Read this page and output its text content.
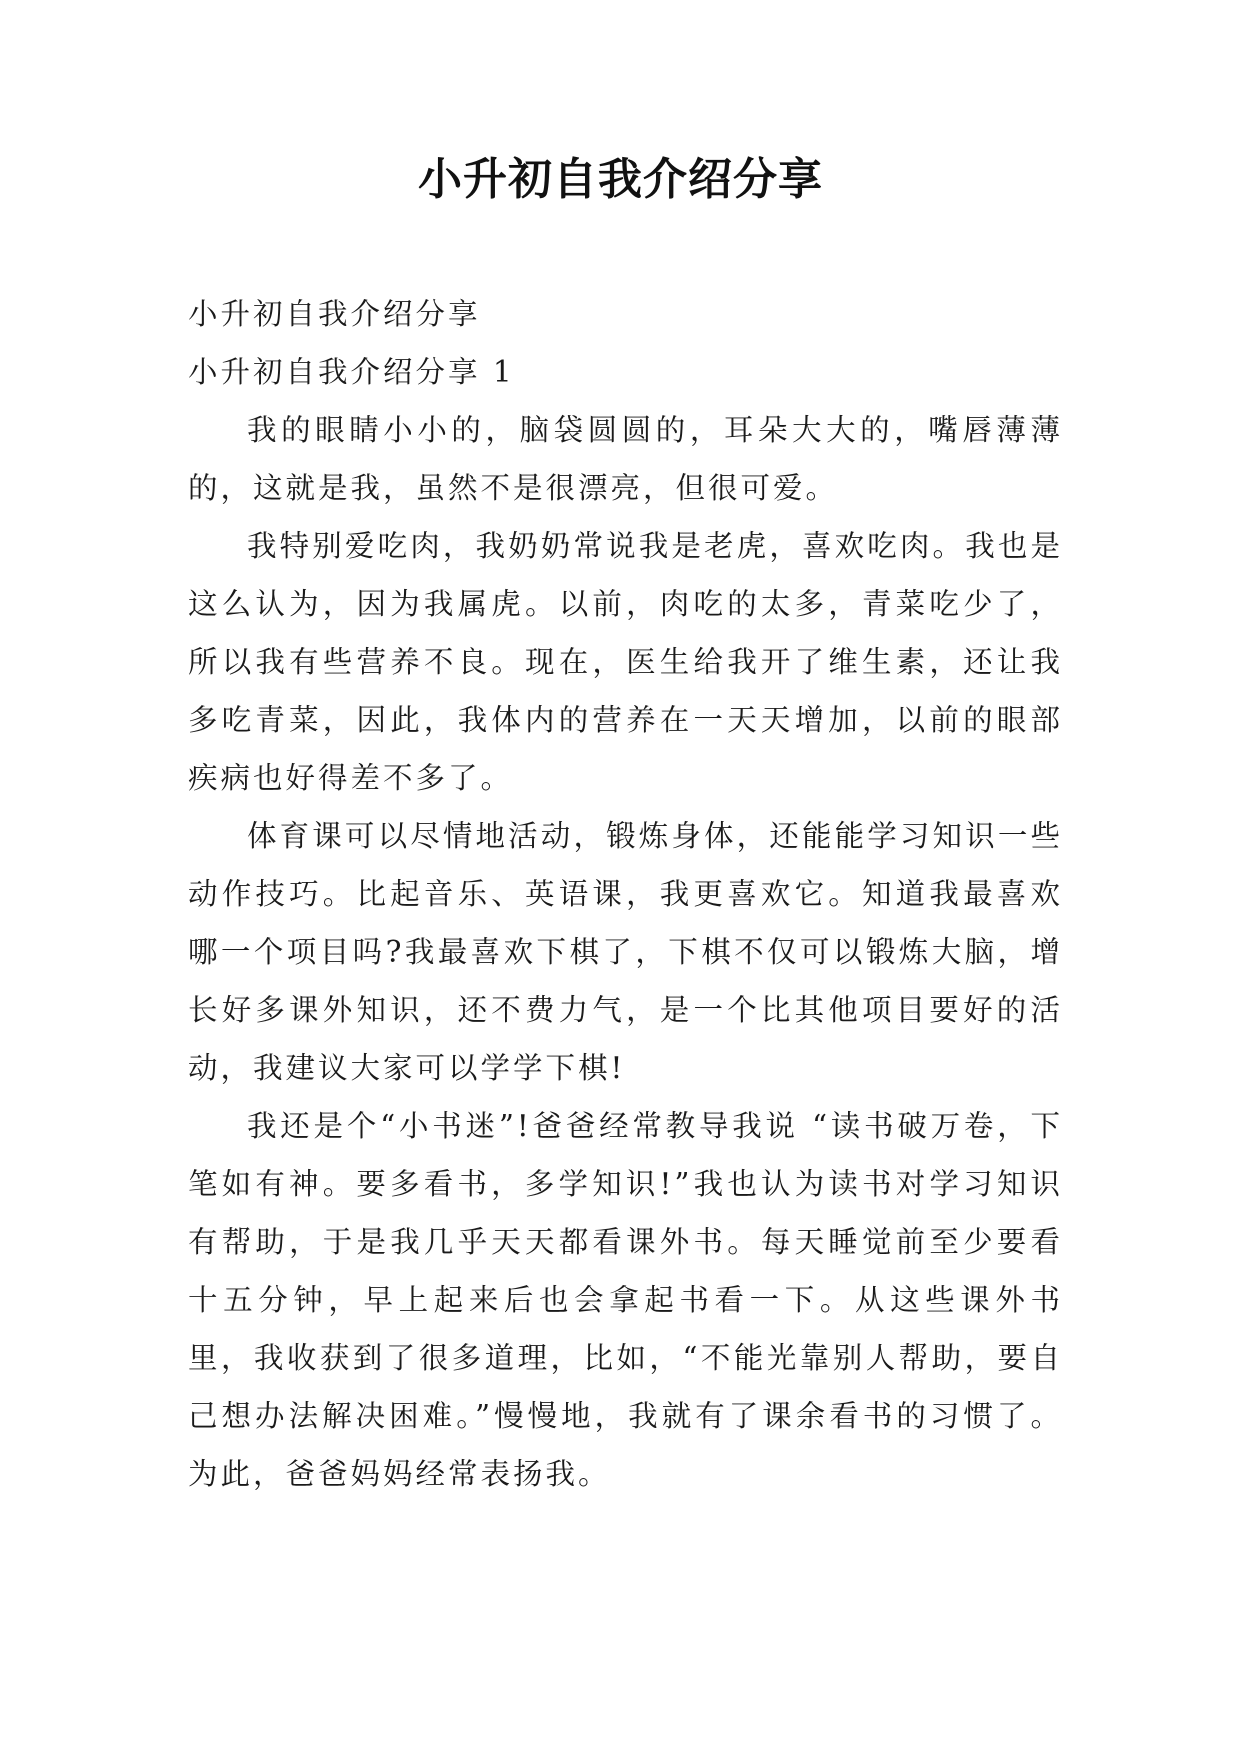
小升初自我介绍分享

小升初自我介绍分享

小升初自我介绍分享 1

我的眼睛小小的，脑袋圆圆的，耳朵大大的，嘴唇薄薄的，这就是我，虽然不是很漂亮，但很可爱。

我特别爱吃肉，我奶奶常说我是老虎，喜欢吃肉。我也是这么认为，因为我属虎。以前，肉吃的太多，青菜吃少了，所以我有些营养不良。现在，医生给我开了维生素，还让我多吃青菜，因此，我体内的营养在一天天增加，以前的眼部疾病也好得差不多了。

体育课可以尽情地活动，锻炼身体，还能能学习知识一些动作技巧。比起音乐、英语课，我更喜欢它。知道我最喜欢哪一个项目吗?我最喜欢下棋了，下棋不仅可以锻炼大脑，增长好多课外知识，还不费力气，是一个比其他项目要好的活动，我建议大家可以学学下棋!

我还是个“小书迷”!爸爸经常教导我说 “读书破万卷，下笔如有神。要多看书，多学知识!”我也认为读书对学习知识有帮助，于是我几乎天天都看课外书。每天睡觉前至少要看十五分钟，早上起来后也会拿起书看一下。从这些课外书里，我收获到了很多道理，比如，“不能光靠别人帮助，要自己想办法解决困难。”慢慢地，我就有了课余看书的习惯了。为此，爸爸妈妈经常表扬我。
